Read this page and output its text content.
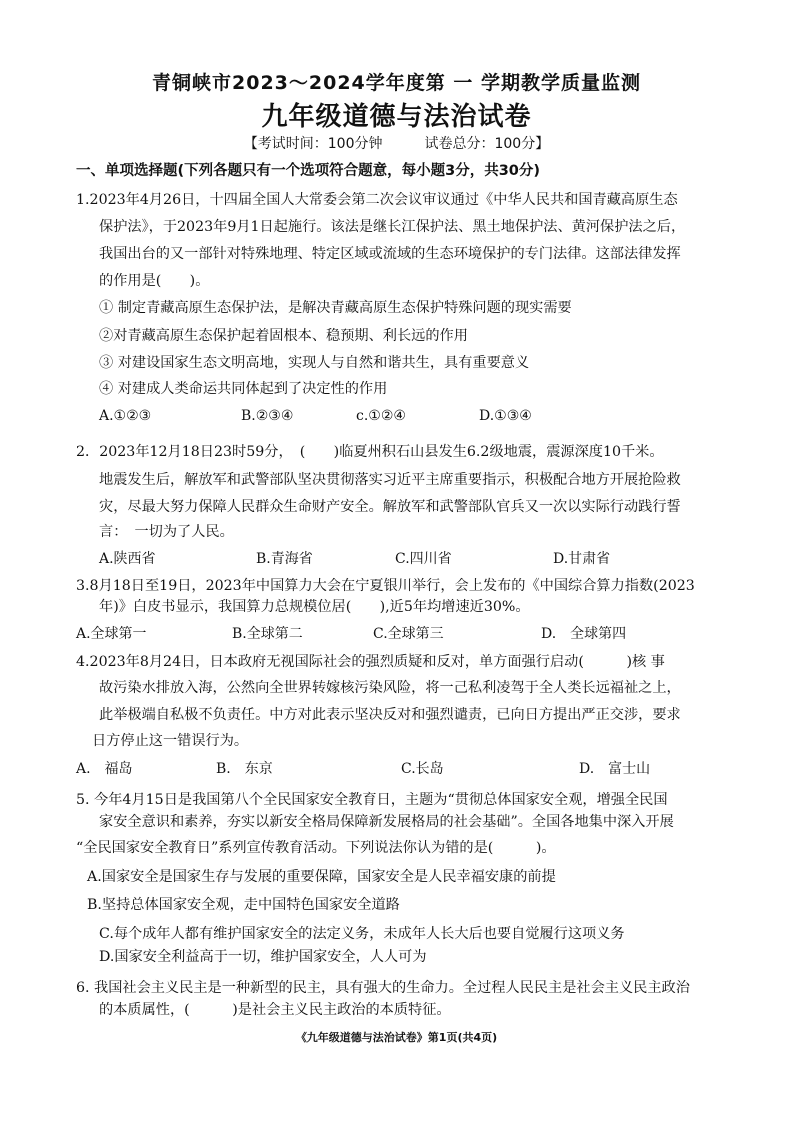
青铜峡市2023～2024学年度第 一 学期教学质量监测
九年级道德与法治试卷
【考试时间：100分钟　　　试卷总分：100分】
一、单项选择题(下列各题只有一个选项符合题意，每小题3分，共30分)
1.2023年4月26日，十四届全国人大常委会第二次会议审议通过《中华人民共和国青藏高原生态
保护法》，于2023年9月1日起施行。该法是继长江保护法、黑土地保护法、黄河保护法之后，
我国出台的又一部针对特殊地理、特定区域或流域的生态环境保护的专门法律。这部法律发挥
的作用是(　　)。
① 制定青藏高原生态保护法，是解决青藏高原生态保护特殊问题的现实需要
②对青藏高原生态保护起着固根本、稳预期、利长远的作用
③ 对建设国家生态文明高地，实现人与自然和谐共生，具有重要意义
④ 对建成人类命运共同体起到了决定性的作用
A.①②③	B.②③④	c.①②④	D.①③④
2．2023年12月18日23时59分，　(　　)临夏州积石山县发生6.2级地震，震源深度10千米。
地震发生后，解放军和武警部队坚决贯彻落实习近平主席重要指示，积极配合地方开展抢险救
灾，尽最大努力保障人民群众生命财产安全。解放军和武警部队官兵又一次以实际行动践行誓
言：　一切为了人民。
A.陕西省	B.青海省	C.四川省	D.甘肃省
3.8月18日至19日，2023年中国算力大会在宁夏银川举行，会上发布的《中国综合算力指数(2023
年)》白皮书显示，我国算力总规模位居(　　),近5年均增速近30%。
A.全球第一	B.全球第二	C.全球第三	D.　全球第四
4.2023年8月24日，日本政府无视国际社会的强烈质疑和反对，单方面强行启动(　　　)核 事
故污染水排放入海，公然向全世界转嫁核污染风险，将一己私利凌驾于全人类长远福祉之上，
此举极端自私极不负责任。中方对此表示坚决反对和强烈谴责，已向日方提出严正交涉，要求
日方停止这一错误行为。
A.　福岛	B.　东京	C.长岛	D.　富士山
5. 今年4月15日是我国第八个全民国家安全教育日，主题为“贯彻总体国家安全观，增强全民国
家安全意识和素养，夯实以新安全格局保障新发展格局的社会基础”。全国各地集中深入开展
“全民国家安全教育日”系列宣传教育活动。下列说法你认为错的是(　　　)。
A.国家安全是国家生存与发展的重要保障，国家安全是人民幸福安康的前提
B.坚持总体国家安全观，走中国特色国家安全道路
C.每个成年人都有维护国家安全的法定义务，未成年人长大后也要自觉履行这项义务
D.国家安全利益高于一切，维护国家安全，人人可为
6. 我国社会主义民主是一种新型的民主，具有强大的生命力。全过程人民民主是社会主义民主政治
的本质属性，(　　　)是社会主义民主政治的本质特征。
《九年级道德与法治试卷》第1页(共4页)
